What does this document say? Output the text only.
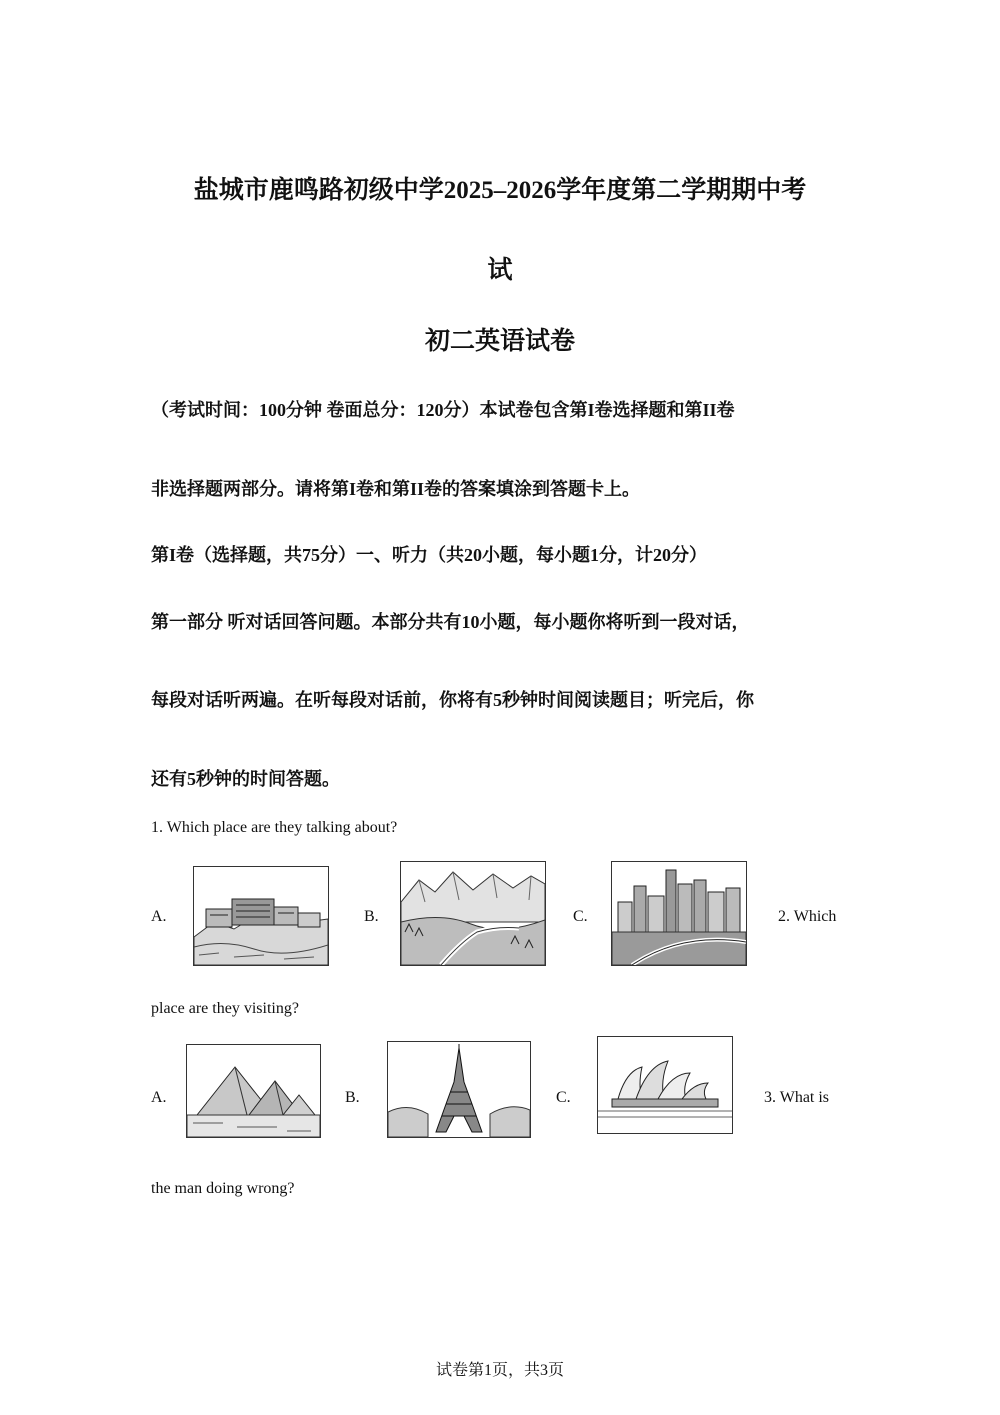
盐城市鹿鸣路初级中学2025–2026学年度第二学期期中考
试
初二英语试卷
（考试时间：100分钟 卷面总分：120分）本试卷包含第I卷选择题和第II卷
非选择题两部分。请将第I卷和第II卷的答案填涂到答题卡上。
第I卷（选择题，共75分）一、听力（共20小题，每小题1分，计20分）
第一部分 听对话回答问题。本部分共有10小题，每小题你将听到一段对话，
每段对话听两遍。在听每段对话前，你将有5秒钟时间阅读题目；听完后，你
还有5秒钟的时间答题。
1. Which place are they talking about?
A.	B.	C.	2. Which
place are they visiting?
A.	B.	C.	3. What is
the man doing wrong?
试卷第1页，共3页
